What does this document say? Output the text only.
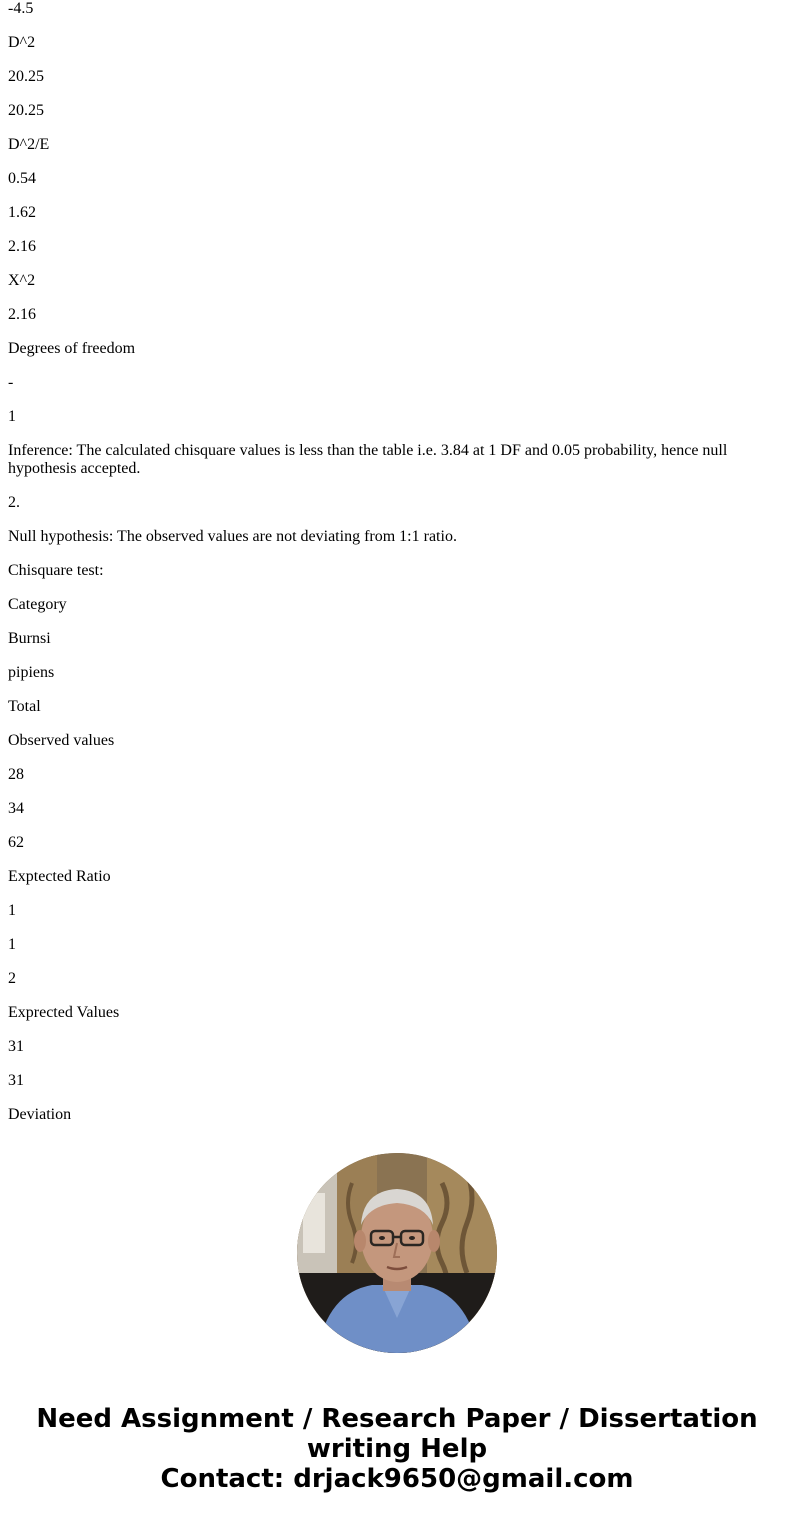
-4.5

D^2

20.25

20.25

D^2/E

0.54

1.62

2.16

X^2

2.16

Degrees of freedom

-

1

Inference: The calculated chisquare values is less than the table i.e. 3.84 at 1 DF and 0.05 probability, hence null hypothesis accepted.

2.

Null hypothesis: The observed values are not deviating from 1:1 ratio.

Chisquare test:

Category

Burnsi

pipiens

Total

Observed values

28

34

62

Exptected Ratio

1

1

2

Exprected Values

31

31

Deviation

Need Assignment / Research Paper / Dissertation
writing Help
Contact: drjack9650@gmail.com
